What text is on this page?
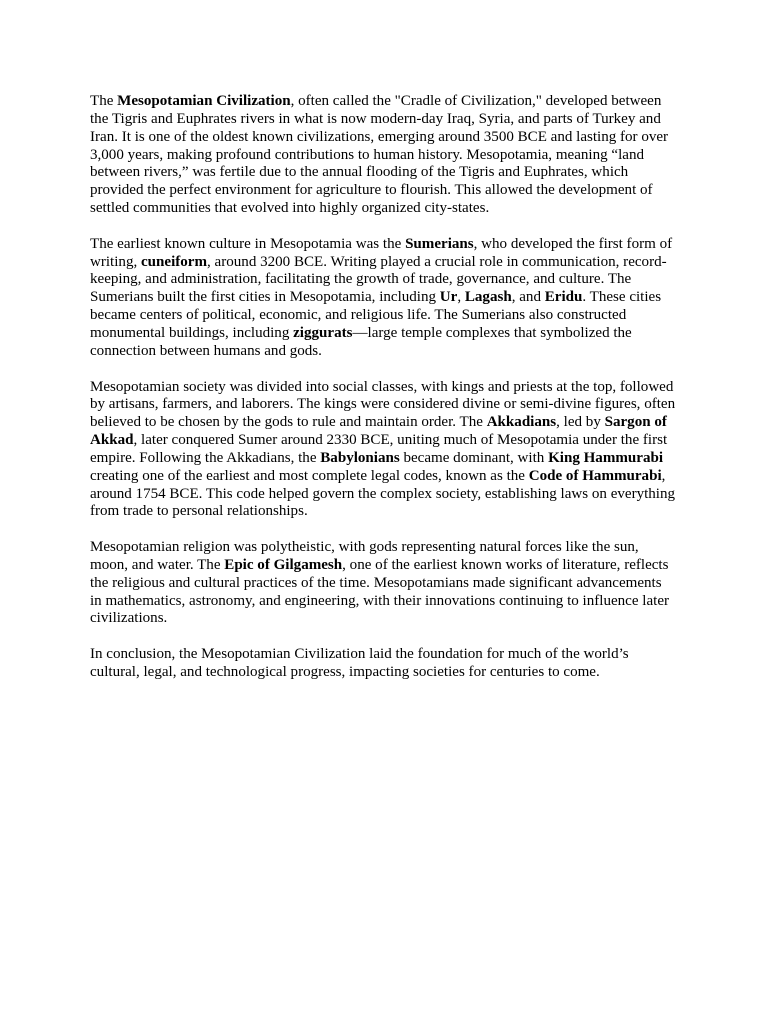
The Mesopotamian Civilization, often called the "Cradle of Civilization," developed between
the Tigris and Euphrates rivers in what is now modern-day Iraq, Syria, and parts of Turkey and
Iran. It is one of the oldest known civilizations, emerging around 3500 BCE and lasting for over
3,000 years, making profound contributions to human history. Mesopotamia, meaning “land
between rivers,” was fertile due to the annual flooding of the Tigris and Euphrates, which
provided the perfect environment for agriculture to flourish. This allowed the development of
settled communities that evolved into highly organized city-states.
The earliest known culture in Mesopotamia was the Sumerians, who developed the first form of
writing, cuneiform, around 3200 BCE. Writing played a crucial role in communication, record-
keeping, and administration, facilitating the growth of trade, governance, and culture. The
Sumerians built the first cities in Mesopotamia, including Ur, Lagash, and Eridu. These cities
became centers of political, economic, and religious life. The Sumerians also constructed
monumental buildings, including ziggurats—large temple complexes that symbolized the
connection between humans and gods.
Mesopotamian society was divided into social classes, with kings and priests at the top, followed
by artisans, farmers, and laborers. The kings were considered divine or semi-divine figures, often
believed to be chosen by the gods to rule and maintain order. The Akkadians, led by Sargon of
Akkad, later conquered Sumer around 2330 BCE, uniting much of Mesopotamia under the first
empire. Following the Akkadians, the Babylonians became dominant, with King Hammurabi
creating one of the earliest and most complete legal codes, known as the Code of Hammurabi,
around 1754 BCE. This code helped govern the complex society, establishing laws on everything
from trade to personal relationships.
Mesopotamian religion was polytheistic, with gods representing natural forces like the sun,
moon, and water. The Epic of Gilgamesh, one of the earliest known works of literature, reflects
the religious and cultural practices of the time. Mesopotamians made significant advancements
in mathematics, astronomy, and engineering, with their innovations continuing to influence later
civilizations.
In conclusion, the Mesopotamian Civilization laid the foundation for much of the world’s
cultural, legal, and technological progress, impacting societies for centuries to come.
